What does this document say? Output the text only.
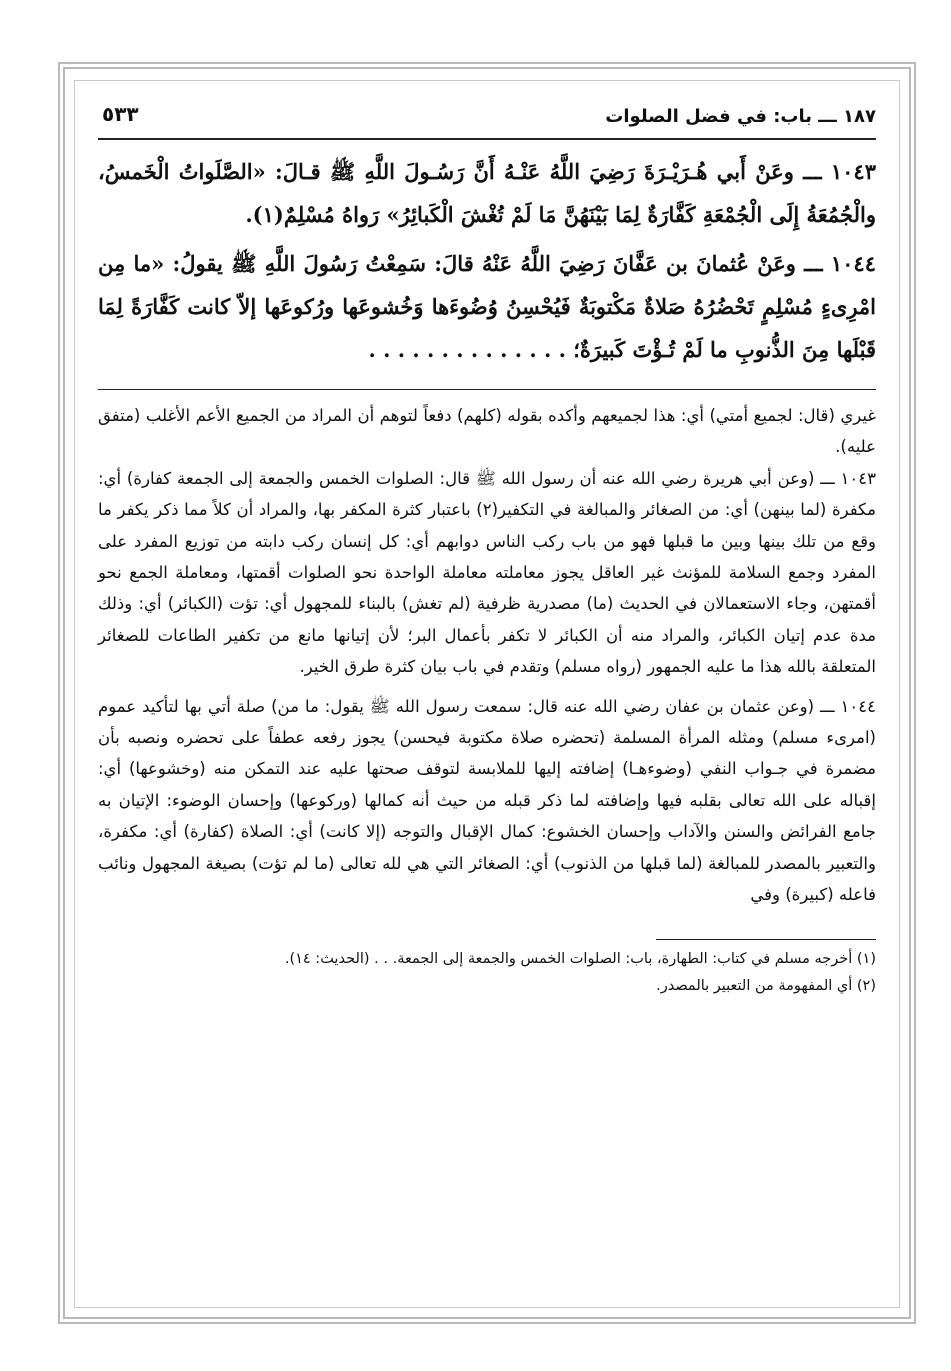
١٨٧ ـــ باب: في فضل الصلوات
٥٣٣

١٠٤٣ ـــ وعَنْ أَبي هُـرَيْـرَةَ رَضِيَ اللَّهُ عَنْـهُ أَنَّ رَسُـولَ اللَّهِ ﷺ قـالَ: «الصَّلَواتُ الْخَمسُ، والْجُمُعَةُ إِلَى الْجُمْعَةِ كَفَّارَةٌ لِمَا بَيْنَهُنَّ مَا لَمْ تُغْشَ الْكَبائِرُ» رَواهُ مُسْلِمٌ(١).

١٠٤٤ ـــ وعَنْ عُثمانَ بن عَفَّانَ رَضِيَ اللَّهُ عَنْهُ قالَ: سَمِعْتُ رَسُولَ اللَّهِ ﷺ يقولُ: «ما مِن امْرِىءٍ مُسْلِمٍ تَحْضُرُهُ صَلاةٌ مَكْتوبَةٌ فَيُحْسِنُ وُضُوءَها وَخُشوعَها ورُكوعَها إلاّ كانت كَفَّارَةً لِمَا قَبْلَها مِنَ الذُّنوبِ ما لَمْ تُـؤْتَ كَبيرَةٌ؛ . . . . . . . . . . . . . .

غيري (قال: لجميع أمتي) أي: هذا لجميعهم وأكده بقوله (كلهم) دفعاً لتوهم أن المراد من الجميع الأعم الأغلب (متفق عليه).

١٠٤٣ ـــ (وعن أبي هريرة رضي الله عنه أن رسول الله ﷺ قال: الصلوات الخمس والجمعة إلى الجمعة كفارة) أي: مكفرة (لما بينهن) أي: من الصغائر والمبالغة في التكفير(٢) باعتبار كثرة المكفر بها، والمراد أن كلاً مما ذكر يكفر ما وقع من تلك بينها وبين ما قبلها فهو من باب ركب الناس دوابهم أي: كل إنسان ركب دابته من توزيع المفرد على المفرد وجمع السلامة للمؤنث غير العاقل يجوز معاملته معاملة الواحدة نحو الصلوات أقمتها، ومعاملة الجمع نحو أقمتهن، وجاء الاستعمالان في الحديث (ما) مصدرية ظرفية (لم تغش) بالبناء للمجهول أي: تؤت (الكبائر) أي: وذلك مدة عدم إتيان الكبائر، والمراد منه أن الكبائر لا تكفر بأعمال البر؛ لأن إتيانها مانع من تكفير الطاعات للصغائر المتعلقة بالله هذا ما عليه الجمهور (رواه مسلم) وتقدم في باب بيان كثرة طرق الخير.

١٠٤٤ ـــ (وعن عثمان بن عفان رضي الله عنه قال: سمعت رسول الله ﷺ يقول: ما من) صلة أتي بها لتأكيد عموم (امرىء مسلم) ومثله المرأة المسلمة (تحضره صلاة مكتوبة فيحسن) يجوز رفعه عطفاً على تحضره ونصبه بأن مضمرة في جـواب النفي (وضوءهـا) إضافته إليها للملابسة لتوقف صحتها عليه عند التمكن منه (وخشوعها) أي: إقباله على الله تعالى بقلبه فيها وإضافته لما ذكر قبله من حيث أنه كمالها (وركوعها) وإحسان الوضوء: الإتيان به جامع الفرائض والسنن والآداب وإحسان الخشوع: كمال الإقبال والتوجه (إلا كانت) أي: الصلاة (كفارة) أي: مكفرة، والتعبير بالمصدر للمبالغة (لما قبلها من الذنوب) أي: الصغائر التي هي لله تعالى (ما لم تؤت) بصيغة المجهول ونائب فاعله (كبيرة) وفي

(١) أخرجه مسلم في كتاب: الطهارة، باب: الصلوات الخمس والجمعة إلى الجمعة. . . (الحديث: ١٤).

(٢) أي المفهومة من التعبير بالمصدر.
